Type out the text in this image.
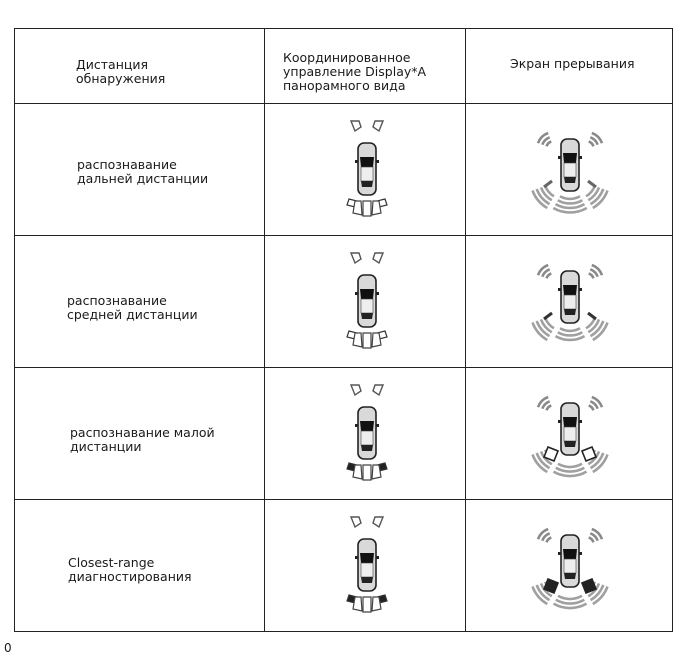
Дистанция
обнаружения
Координированное
управление Display*A
панорамного вида
Экран прерывания
распознавание
дальней дистанции
распознавание
средней дистанции
распознавание малой
дистанции
Closest-range
диагностирования
0
